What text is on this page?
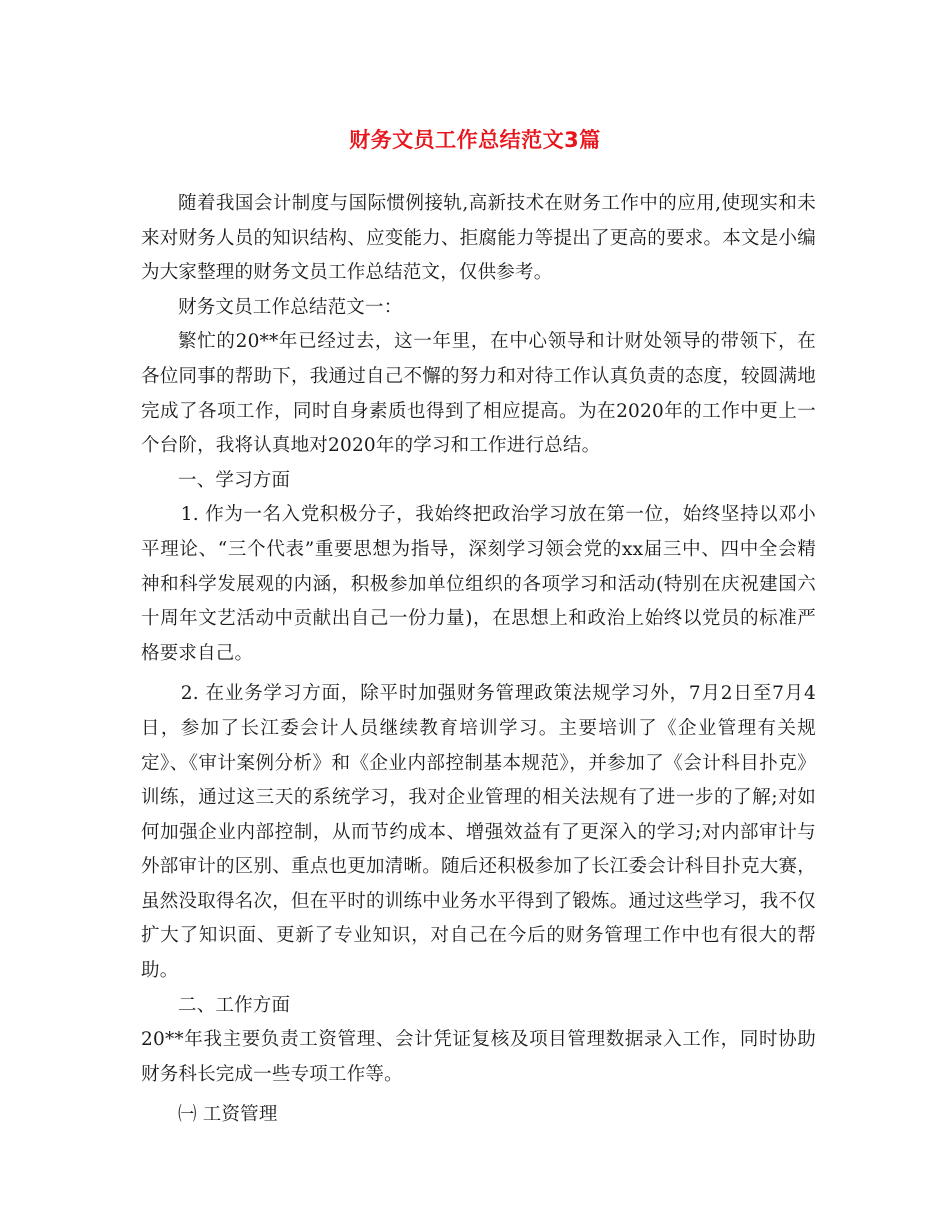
财务文员工作总结范文3篇

随着我国会计制度与国际惯例接轨,高新技术在财务工作中的应用,使现实和未来对财务人员的知识结构、应变能力、拒腐能力等提出了更高的要求。本文是小编为大家整理的财务文员工作总结范文，仅供参考。

财务文员工作总结范文一：

繁忙的20**年已经过去，这一年里，在中心领导和计财处领导的带领下，在各位同事的帮助下，我通过自己不懈的努力和对待工作认真负责的态度，较圆满地完成了各项工作，同时自身素质也得到了相应提高。为在2020年的工作中更上一个台阶，我将认真地对2020年的学习和工作进行总结。

一、学习方面

1. 作为一名入党积极分子，我始终把政治学习放在第一位，始终坚持以邓小平理论、“三个代表”重要思想为指导，深刻学习领会党的xx届三中、四中全会精神和科学发展观的内涵，积极参加单位组织的各项学习和活动(特别在庆祝建国六十周年文艺活动中贡献出自己一份力量)，在思想上和政治上始终以党员的标准严格要求自己。

2. 在业务学习方面，除平时加强财务管理政策法规学习外，7月2日至7月4日，参加了长江委会计人员继续教育培训学习。主要培训了《企业管理有关规定》、《审计案例分析》和《企业内部控制基本规范》，并参加了《会计科目扑克》训练，通过这三天的系统学习，我对企业管理的相关法规有了进一步的了解;对如何加强企业内部控制，从而节约成本、增强效益有了更深入的学习;对内部审计与外部审计的区别、重点也更加清晰。随后还积极参加了长江委会计科目扑克大赛，虽然没取得名次，但在平时的训练中业务水平得到了锻炼。通过这些学习，我不仅扩大了知识面、更新了专业知识，对自己在今后的财务管理工作中也有很大的帮助。

二、工作方面

20**年我主要负责工资管理、会计凭证复核及项目管理数据录入工作，同时协助财务科长完成一些专项工作等。

㈠ 工资管理
